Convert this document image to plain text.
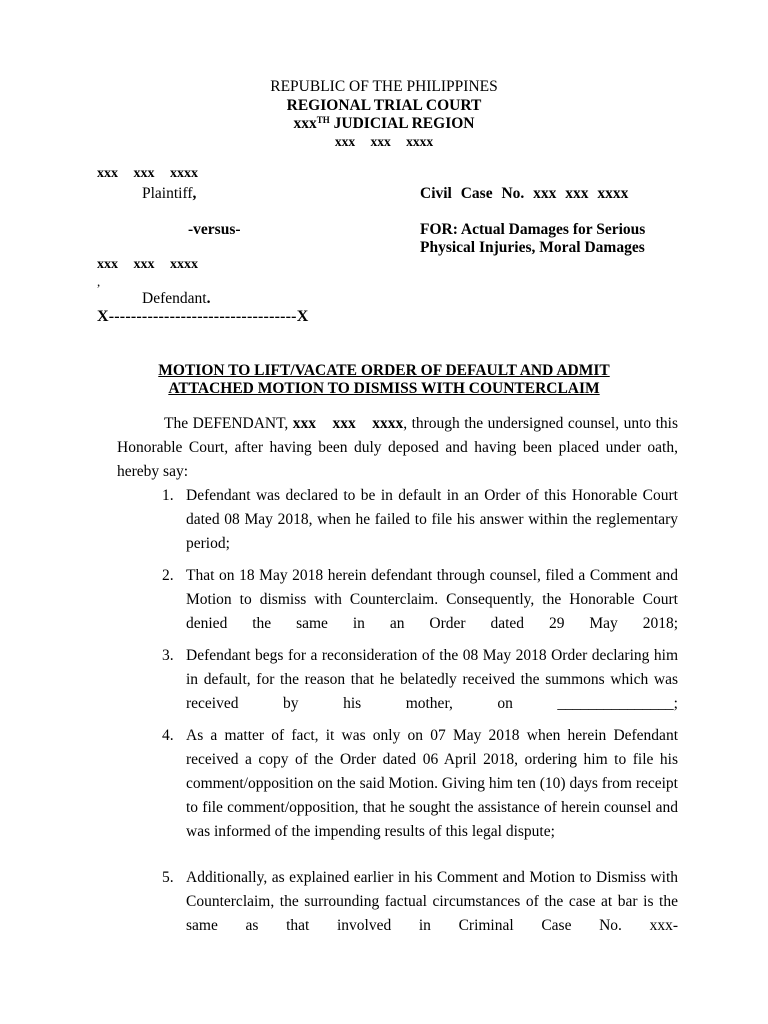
REPUBLIC OF THE PHILIPPINES
REGIONAL TRIAL COURT
xxx$^{TH}$ JUDICIAL REGION
xxx xxx xxxx
xxx xxx xxxx
Plaintiff,
-versus-
xxx xxx xxxx
,
Defendant.
X----------------------------------X
Civil Case No. xxx xxx xxxx
FOR: Actual Damages for Serious
Physical Injuries, Moral Damages
MOTION TO LIFT/VACATE ORDER OF DEFAULT AND ADMIT
ATTACHED MOTION TO DISMISS WITH COUNTERCLAIM
The DEFENDANT, xxx xxx xxxx, through the undersigned counsel, unto this Honorable Court, after having been duly deposed and having been placed under oath, hereby say:
1. Defendant was declared to be in default in an Order of this Honorable Court dated 08 May 2018, when he failed to file his answer within the reglementary period;
2. That on 18 May 2018 herein defendant through counsel, filed a Comment and Motion to dismiss with Counterclaim. Consequently, the Honorable Court denied the same in an Order dated 29 May 2018;
3. Defendant begs for a reconsideration of the 08 May 2018 Order declaring him in default, for the reason that he belatedly received the summons which was received by his mother, on _______________;
4. As a matter of fact, it was only on 07 May 2018 when herein Defendant received a copy of the Order dated 06 April 2018, ordering him to file his comment/opposition on the said Motion. Giving him ten (10) days from receipt to file comment/opposition, that he sought the assistance of herein counsel and was informed of the impending results of this legal dispute;
5. Additionally, as explained earlier in his Comment and Motion to Dismiss with Counterclaim, the surrounding factual circumstances of the case at bar is the same as that involved in Criminal Case No. xxx-
